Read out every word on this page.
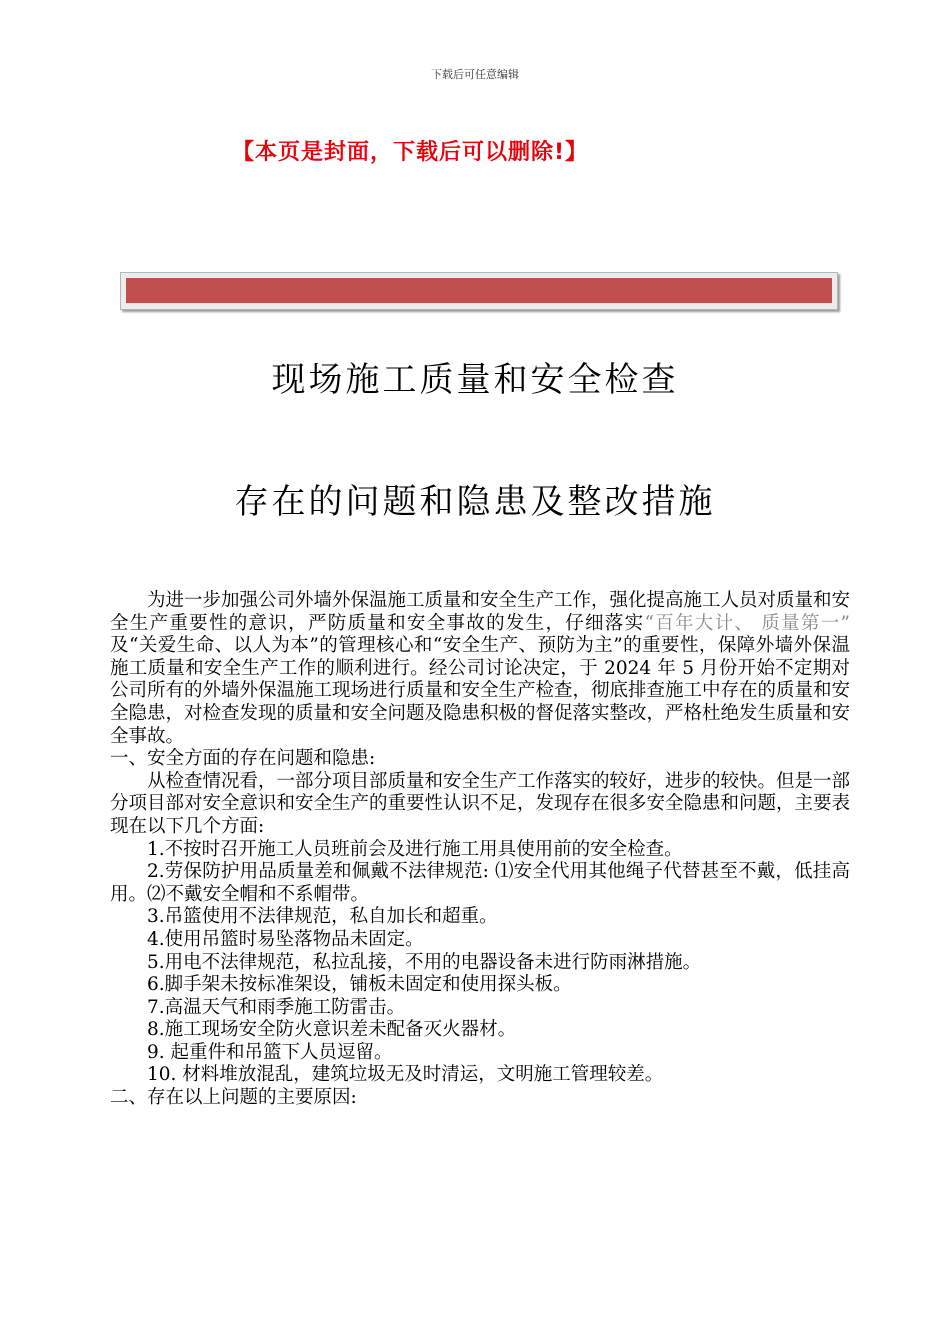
下载后可任意编辑
【本页是封面，下载后可以删除!】
现场施工质量和安全检查
存在的问题和隐患及整改措施

为进一步加强公司外墙外保温施工质量和安全生产工作，强化提高施工人员对质量和安全生产重要性的意识，严防质量和安全事故的发生，仔细落实“百年大计、 质量第一” 及“关爱生命、以人为本”的管理核心和“安全生产、预防为主”的重要性，保障外墙外保温施工质量和安全生产工作的顺利进行。经公司讨论决定，于 2024 年 5 月份开始不定期对公司所有的外墙外保温施工现场进行质量和安全生产检查，彻底排查施工中存在的质量和安全隐患，对检查发现的质量和安全问题及隐患积极的督促落实整改，严格杜绝发生质量和安全事故。

一、安全方面的存在问题和隐患:

从检查情况看，一部分项目部质量和安全生产工作落实的较好，进步的较快。但是一部分项目部对安全意识和安全生产的重要性认识不足，发现存在很多安全隐患和问题，主要表现在以下几个方面:

1.不按时召开施工人员班前会及进行施工用具使用前的安全检查。

2.劳保防护用品质量差和佩戴不法律规范: ⑴安全代用其他绳子代替甚至不戴，低挂高用。⑵不戴安全帽和不系帽带。

3.吊篮使用不法律规范，私自加长和超重。

4.使用吊篮时易坠落物品未固定。

5.用电不法律规范，私拉乱接，不用的电器设备未进行防雨淋措施。

6.脚手架未按标准架设，铺板未固定和使用探头板。

7.高温天气和雨季施工防雷击。

8.施工现场安全防火意识差未配备灭火器材。

9. 起重件和吊篮下人员逗留。

10. 材料堆放混乱，建筑垃圾无及时清运，文明施工管理较差。

二、存在以上问题的主要原因:
